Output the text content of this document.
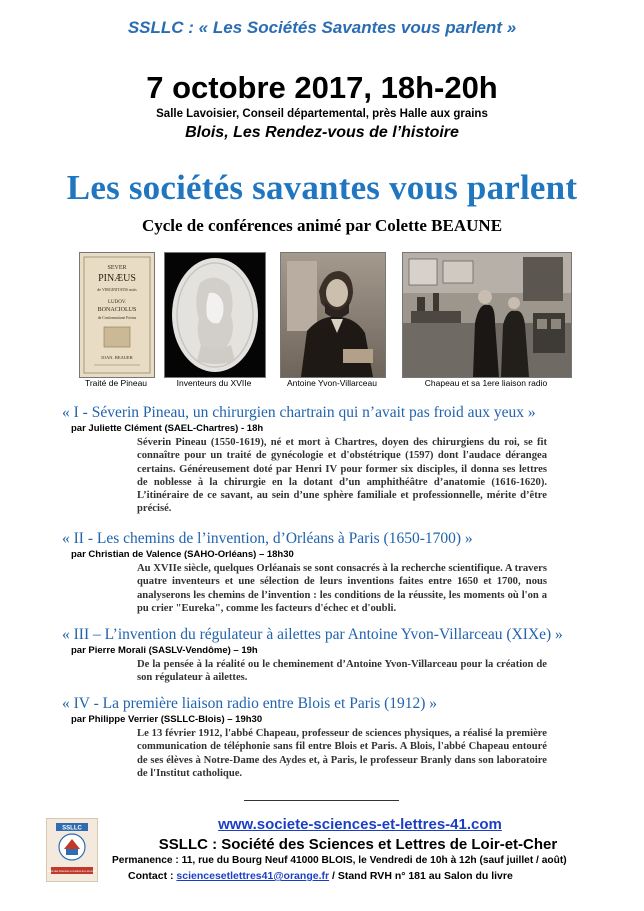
SSLLC : « Les Sociétés Savantes vous parlent »
7 octobre 2017, 18h-20h
Salle Lavoisier, Conseil départemental, près Halle aux grains
Blois, Les Rendez-vous de l’histoire
Les sociétés savantes vous parlent
Cycle de conférences animé par Colette BEAUNE
SEVER
PINÆUS
de VIRGINITATIS notis
LUDOV.
BONACIOLUS
de Conformatione Foetus
IOAN. BEAUER
Traité de Pineau	Inventeurs du XVIIe	Antoine Yvon-Villarceau	Chapeau et sa 1ere liaison radio
« I - Séverin Pineau, un chirurgien chartrain qui n’avait pas froid aux yeux »
par Juliette Clément (SAEL-Chartres) - 18h
Séverin Pineau (1550-1619), né et mort à Chartres, doyen des chirurgiens du roi, se fit connaître pour un traité de gynécologie et d'obstétrique (1597) dont l'audace dérangea certains. Généreusement doté par Henri IV pour former six disciples, il donna ses lettres de noblesse à la chirurgie en la dotant d’un amphithéâtre d’anatomie (1616-1620). L’itinéraire de ce savant, au sein d’une sphère familiale et professionnelle, mérite d’être précisé.
« II - Les chemins de l’invention, d’Orléans à Paris (1650-1700) »
par Christian de Valence (SAHO-Orléans) – 18h30
Au XVIIe siècle, quelques Orléanais se sont consacrés à la recherche scientifique. A travers quatre inventeurs et une sélection de leurs inventions faites entre 1650 et 1700, nous analyserons les chemins de l’invention : les conditions de la réussite, les moments où l'on a pu crier "Eureka", comme les facteurs d'échec et d'oubli.
« III – L’invention du régulateur à ailettes par Antoine Yvon-Villarceau (XIXe) »
par Pierre Morali (SASLV-Vendôme) – 19h
De la pensée à la réalité ou le cheminement d’Antoine Yvon-Villarceau pour la création de son régulateur à ailettes.
« IV - La première liaison radio entre Blois et Paris (1912) »
par Philippe Verrier (SSLLC-Blois) – 19h30
Le 13 février 1912, l'abbé Chapeau, professeur de sciences physiques, a réalisé la première communication de téléphonie sans fil entre Blois et Paris. A Blois, l'abbé Chapeau entouré de ses élèves à Notre-Dame des Aydes et, à Paris, le professeur Branly dans son laboratoire de l'Institut catholique.
SSLLC
Société des Sciences et Lettres du Loir-et-Cher
www.societe-sciences-et-lettres-41.com
SSLLC : Société des Sciences et Lettres de Loir-et-Cher
Permanence : 11, rue du Bourg Neuf 41000 BLOIS, le Vendredi de 10h à 12h (sauf juillet / août)
Contact : sciencesetlettres41@orange.fr / Stand RVH n° 181 au Salon du livre
